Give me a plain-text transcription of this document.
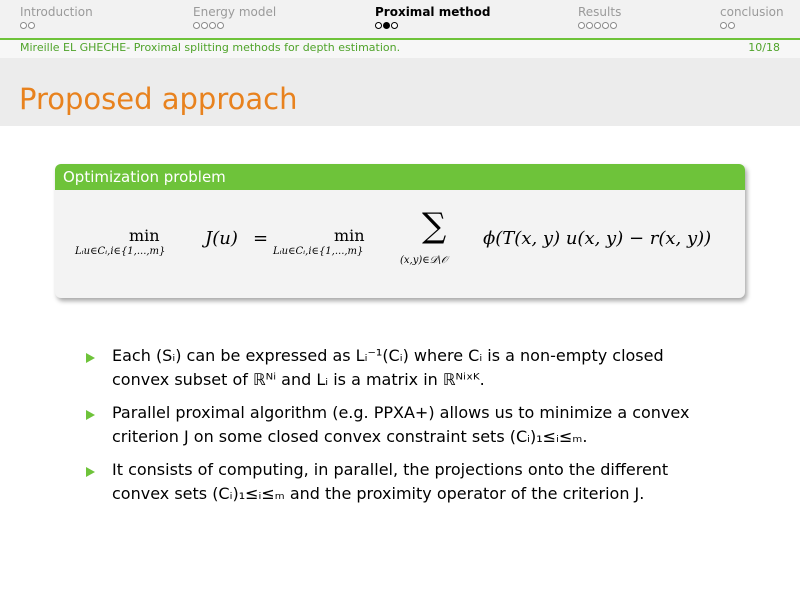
Introduction	Energy model	Proximal method	Results	conclusion
Mireille EL GHECHE- Proximal splitting methods for depth estimation.	10/18
Proposed approach
Optimization problem
min
Lᵢu∈Cᵢ,i∈{1,...,m}
J(u) =	min
Lᵢu∈Cᵢ,i∈{1,...,m}
∑
(x,y)∈𝒟\𝒪
ϕ(T(x, y) u(x, y) − r(x, y))
Each (Sᵢ) can be expressed as Lᵢ⁻¹(Cᵢ) where Cᵢ is a non-empty closed
convex subset of ℝᴺⁱ and Lᵢ is a matrix in ℝᴺⁱˣᴷ.
Parallel proximal algorithm (e.g. PPXA+) allows us to minimize a convex
criterion J on some closed convex constraint sets (Cᵢ)₁≤ᵢ≤ₘ.
It consists of computing, in parallel, the projections onto the different
convex sets (Cᵢ)₁≤ᵢ≤ₘ and the proximity operator of the criterion J.
